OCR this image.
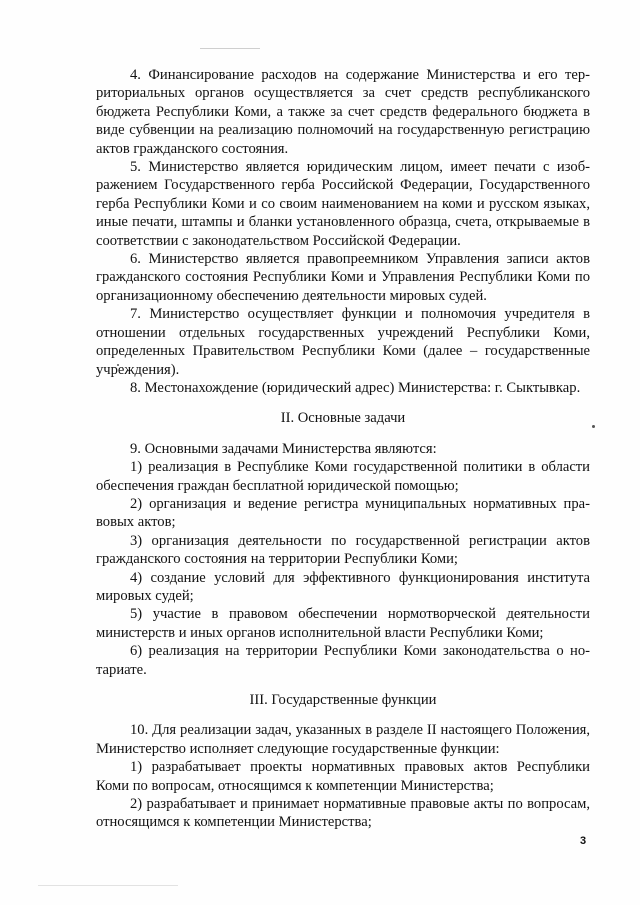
4. Финансирование расходов на содержание Министерства и его территориальных органов осуществляется за счет средств республиканского бюджета Республики Коми, а также за счет средств федерального бюджета в виде субвенции на реализацию полномочий на государственную регистрацию актов гражданского состояния.

5. Министерство является юридическим лицом, имеет печати с изображением Государственного герба Российской Федерации, Государственного герба Республики Коми и со своим наименованием на коми и русском языках, иные печати, штампы и бланки установленного образца, счета, открываемые в соответствии с законодательством Российской Федерации.

6. Министерство является правопреемником Управления записи актов гражданского состояния Республики Коми и Управления Республики Коми по организационному обеспечению деятельности мировых судей.

7. Министерство осуществляет функции и полномочия учредителя в отношении отдельных государственных учреждений Республики Коми, определенных Правительством Республики Коми (далее – государственные учреждения).

8. Местонахождение (юридический адрес) Министерства: г. Сыктывкар.

II. Основные задачи

9. Основными задачами Министерства являются:

1) реализация в Республике Коми государственной политики в области обеспечения граждан бесплатной юридической помощью;

2) организация и ведение регистра муниципальных нормативных правовых актов;

3) организация деятельности по государственной регистрации актов гражданского состояния на территории Республики Коми;

4) создание условий для эффективного функционирования института мировых судей;

5) участие в правовом обеспечении нормотворческой деятельности министерств и иных органов исполнительной власти Республики Коми;

6) реализация на территории Республики Коми законодательства о нотариате.

III. Государственные функции

10. Для реализации задач, указанных в разделе II настоящего Положения, Министерство исполняет следующие государственные функции:

1) разрабатывает проекты нормативных правовых актов Республики Коми по вопросам, относящимся к компетенции Министерства;

2) разрабатывает и принимает нормативные правовые акты по вопросам, относящимся к компетенции Министерства;

3
